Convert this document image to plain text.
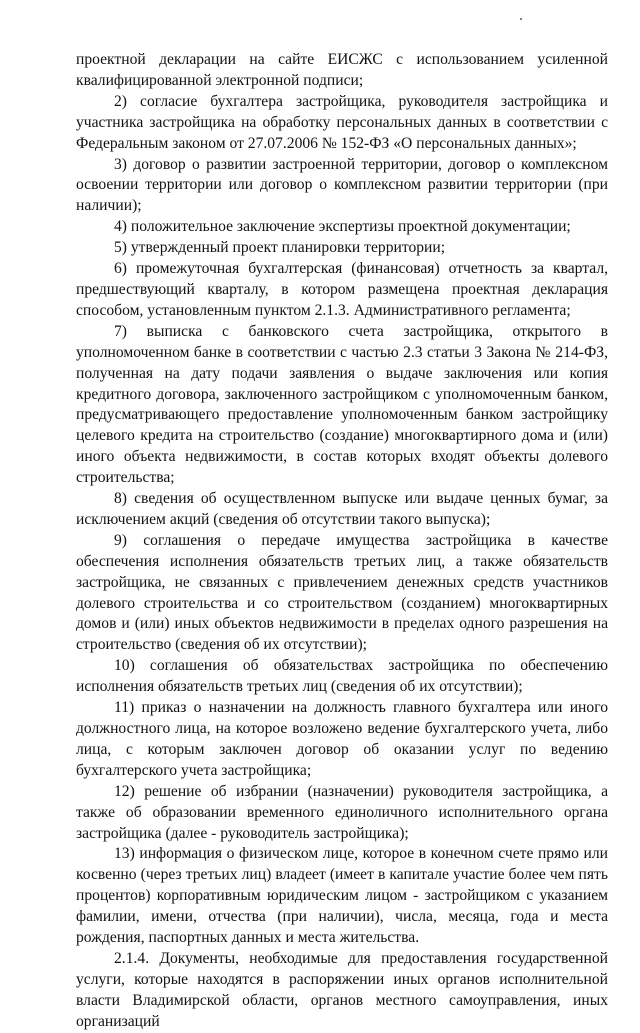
проектной декларации на сайте ЕИСЖС с использованием усиленной квалифицированной электронной подписи;

2) согласие бухгалтера застройщика, руководителя застройщика и участника застройщика на обработку персональных данных в соответствии с Федеральным законом от 27.07.2006 № 152-ФЗ «О персональных данных»;

3) договор о развитии застроенной территории, договор о комплексном освоении территории или договор о комплексном развитии территории (при наличии);

4) положительное заключение экспертизы проектной документации;

5) утвержденный проект планировки территории;

6) промежуточная бухгалтерская (финансовая) отчетность за квартал, предшествующий кварталу, в котором размещена проектная декларация способом, установленным пунктом 2.1.3. Административного регламента;

7) выписка с банковского счета застройщика, открытого в уполномоченном банке в соответствии с частью 2.3 статьи 3 Закона № 214-ФЗ, полученная на дату подачи заявления о выдаче заключения или копия кредитного договора, заключенного застройщиком с уполномоченным банком, предусматривающего предоставление уполномоченным банком застройщику целевого кредита на строительство (создание) многоквартирного дома и (или) иного объекта недвижимости, в состав которых входят объекты долевого строительства;

8) сведения об осуществленном выпуске или выдаче ценных бумаг, за исключением акций (сведения об отсутствии такого выпуска);

9) соглашения о передаче имущества застройщика в качестве обеспечения исполнения обязательств третьих лиц, а также обязательств застройщика, не связанных с привлечением денежных средств участников долевого строительства и со строительством (созданием) многоквартирных домов и (или) иных объектов недвижимости в пределах одного разрешения на строительство (сведения об их отсутствии);

10) соглашения об обязательствах застройщика по обеспечению исполнения обязательств третьих лиц (сведения об их отсутствии);

11) приказ о назначении на должность главного бухгалтера или иного должностного лица, на которое возложено ведение бухгалтерского учета, либо лица, с которым заключен договор об оказании услуг по ведению бухгалтерского учета застройщика;

12) решение об избрании (назначении) руководителя застройщика, а также об образовании временного единоличного исполнительного органа застройщика (далее - руководитель застройщика);

13) информация о физическом лице, которое в конечном счете прямо или косвенно (через третьих лиц) владеет (имеет в капитале участие более чем пять процентов) корпоративным юридическим лицом - застройщиком с указанием фамилии, имени, отчества (при наличии), числа, месяца, года и места рождения, паспортных данных и места жительства.

2.1.4. Документы, необходимые для предоставления государственной услуги, которые находятся в распоряжении иных органов исполнительной власти Владимирской области, органов местного самоуправления, иных организаций
